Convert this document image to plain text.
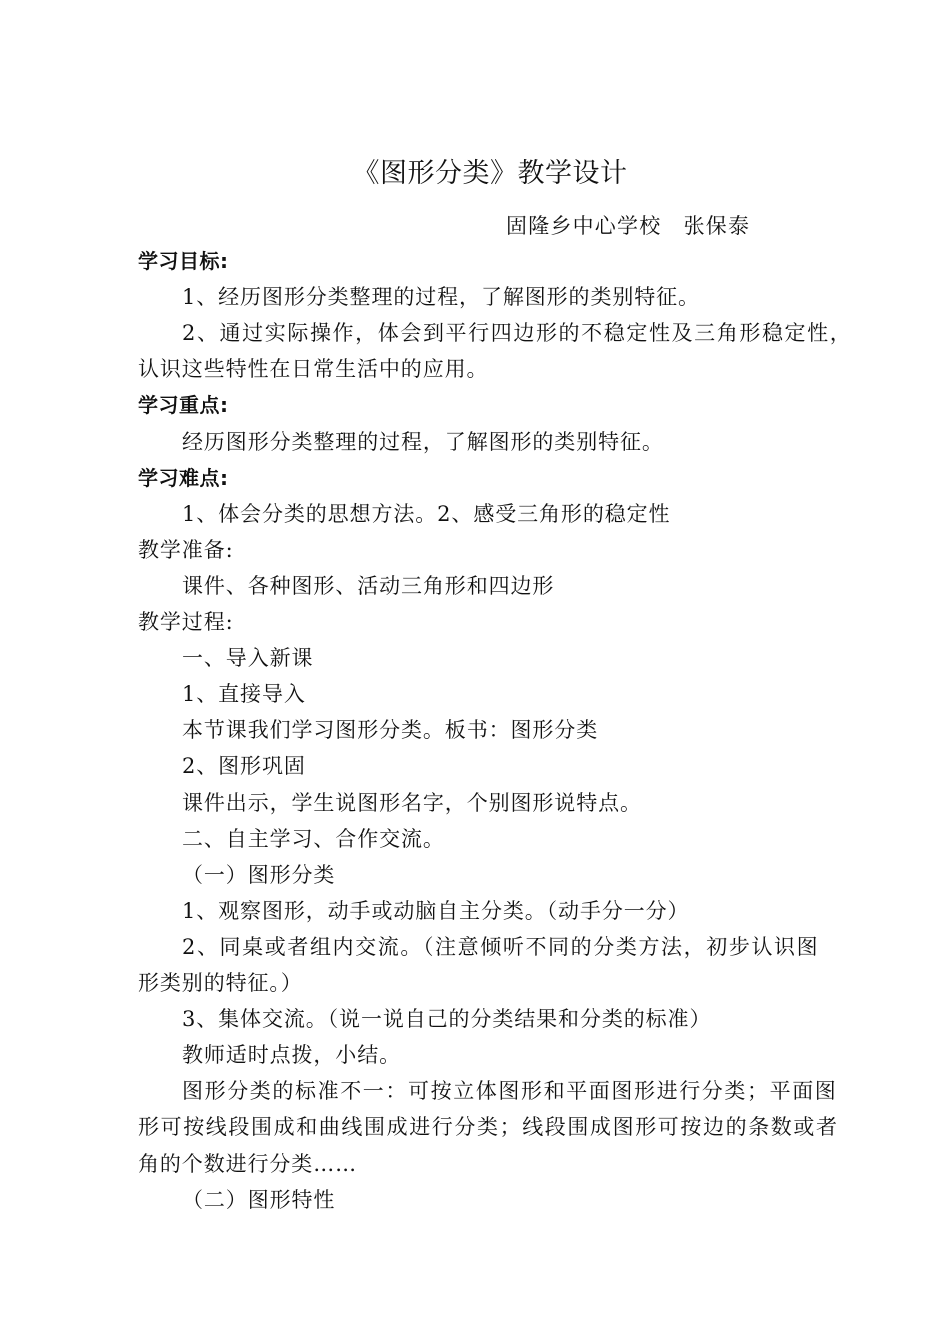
《图形分类》教学设计
固隆乡中心学校　张保泰
学习目标:
1、经历图形分类整理的过程，了解图形的类别特征。
2、通过实际操作，体会到平行四边形的不稳定性及三角形稳定性，
认识这些特性在日常生活中的应用。
学习重点:
经历图形分类整理的过程，了解图形的类别特征。
学习难点:
1、体会分类的思想方法。2、感受三角形的稳定性
教学准备:
课件、各种图形、活动三角形和四边形
教学过程:
一、导入新课
1、直接导入
本节课我们学习图形分类。板书：图形分类
2、图形巩固
课件出示，学生说图形名字，个别图形说特点。
二、自主学习、合作交流。
（一）图形分类
1、观察图形，动手或动脑自主分类。（动手分一分）
2、同桌或者组内交流。（注意倾听不同的分类方法，初步认识图
形类别的特征。）
3、集体交流。（说一说自己的分类结果和分类的标准）
教师适时点拨，小结。
图形分类的标准不一：可按立体图形和平面图形进行分类；平面图
形可按线段围成和曲线围成进行分类；线段围成图形可按边的条数或者
角的个数进行分类……
（二）图形特性
